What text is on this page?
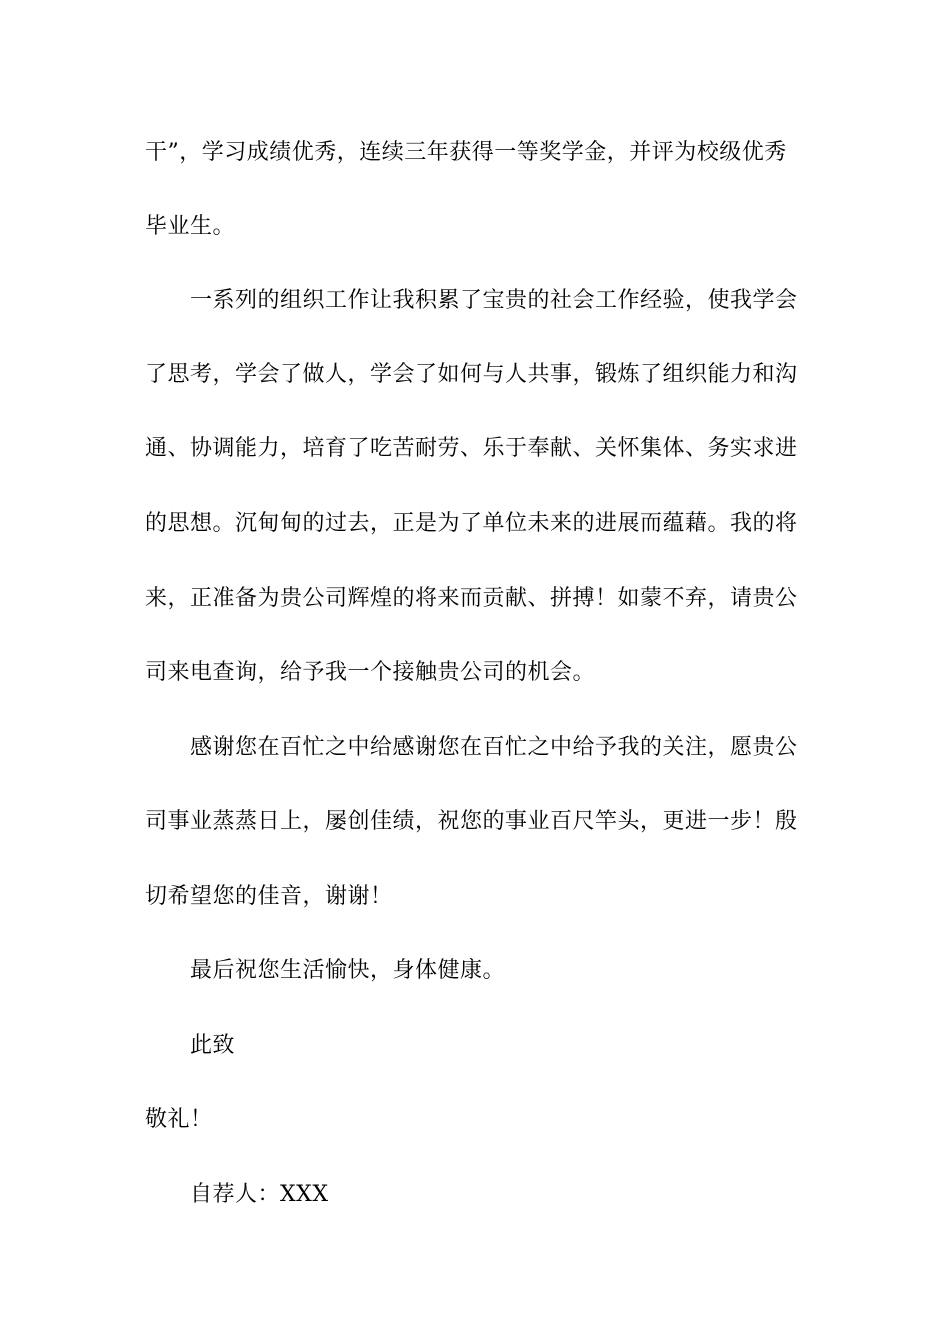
干”，学习成绩优秀，连续三年获得一等奖学金，并评为校级优秀
毕业生。
一系列的组织工作让我积累了宝贵的社会工作经验，使我学会
了思考，学会了做人，学会了如何与人共事，锻炼了组织能力和沟
通、协调能力，培育了吃苦耐劳、乐于奉献、关怀集体、务实求进
的思想。沉甸甸的过去，正是为了单位未来的进展而蕴藉。我的将
来，正准备为贵公司辉煌的将来而贡献、拼搏！如蒙不弃，请贵公
司来电查询，给予我一个接触贵公司的机会。
感谢您在百忙之中给感谢您在百忙之中给予我的关注，愿贵公
司事业蒸蒸日上，屡创佳绩，祝您的事业百尺竿头，更进一步！殷
切希望您的佳音，谢谢！
最后祝您生活愉快，身体健康。
此致
敬礼！
自荐人：XXX
